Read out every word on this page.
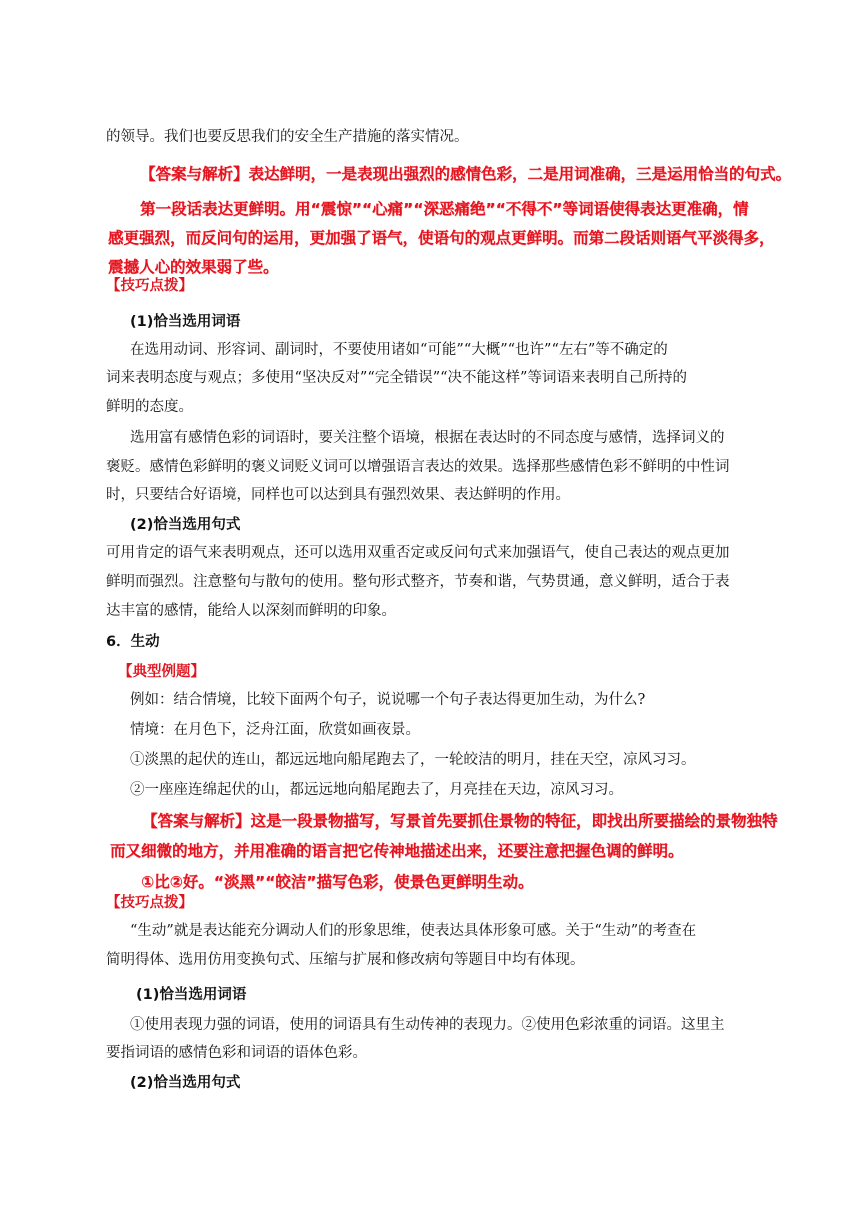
的领导。我们也要反思我们的安全生产措施的落实情况。

【答案与解析】表达鲜明，一是表现出强烈的感情色彩，二是用词准确，三是运用恰当的句式。

第一段话表达更鲜明。用“震惊”“心痛”“深恶痛绝”“不得不”等词语使得表达更准确，情

感更强烈，而反问句的运用，更加强了语气，使语句的观点更鲜明。而第二段话则语气平淡得多，

震撼人心的效果弱了些。

【技巧点拨】

(1)恰当选用词语

在选用动词、形容词、副词时，不要使用诸如“可能”“大概”“也许”“左右”等不确定的

词来表明态度与观点；多使用“坚决反对”“完全错误”“决不能这样”等词语来表明自己所持的

鲜明的态度。

选用富有感情色彩的词语时，要关注整个语境，根据在表达时的不同态度与感情，选择词义的

褒贬。感情色彩鲜明的褒义词贬义词可以增强语言表达的效果。选择那些感情色彩不鲜明的中性词

时，只要结合好语境，同样也可以达到具有强烈效果、表达鲜明的作用。

(2)恰当选用句式

可用肯定的语气来表明观点，还可以选用双重否定或反问句式来加强语气，使自己表达的观点更加

鲜明而强烈。注意整句与散句的使用。整句形式整齐，节奏和谐，气势贯通，意义鲜明，适合于表

达丰富的感情，能给人以深刻而鲜明的印象。

6．生动

【典型例题】

例如：结合情境，比较下面两个句子，说说哪一个句子表达得更加生动，为什么?

情境：在月色下，泛舟江面，欣赏如画夜景。

①淡黑的起伏的连山，都远远地向船尾跑去了，一轮皎洁的明月，挂在天空，凉风习习。

②一座座连绵起伏的山，都远远地向船尾跑去了，月亮挂在天边，凉风习习。

【答案与解析】这是一段景物描写，写景首先要抓住景物的特征，即找出所要描绘的景物独特

而又细微的地方，并用准确的语言把它传神地描述出来，还要注意把握色调的鲜明。

①比②好。“淡黑”“皎洁”描写色彩，使景色更鲜明生动。

【技巧点拨】

“生动”就是表达能充分调动人们的形象思维，使表达具体形象可感。关于“生动”的考查在

简明得体、选用仿用变换句式、压缩与扩展和修改病句等题目中均有体现。

(1)恰当选用词语

①使用表现力强的词语，使用的词语具有生动传神的表现力。②使用色彩浓重的词语。这里主

要指词语的感情色彩和词语的语体色彩。

(2)恰当选用句式
